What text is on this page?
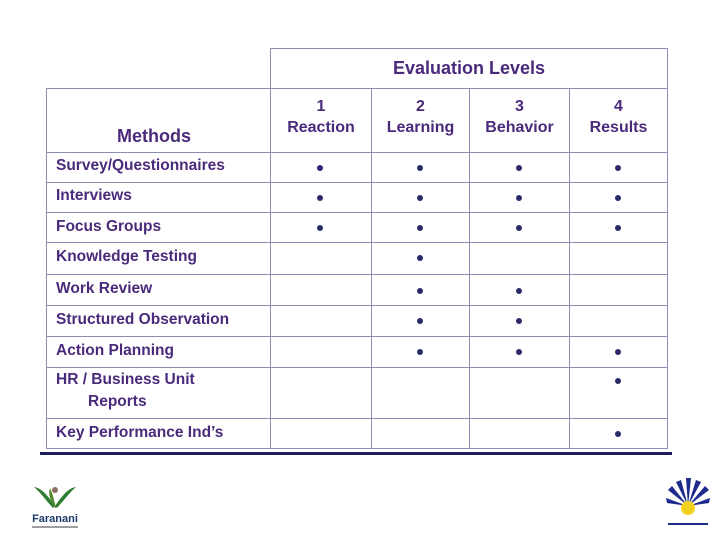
Evaluation Levels
Methods
1
Reaction
2
Learning
3
Behavior
4
Results
Survey/Questionnaires
Interviews
Focus Groups
Knowledge Testing
Work Review
Structured Observation
Action Planning
HR / Business Unit
Reports
Key Performance Ind’s
Faranani
